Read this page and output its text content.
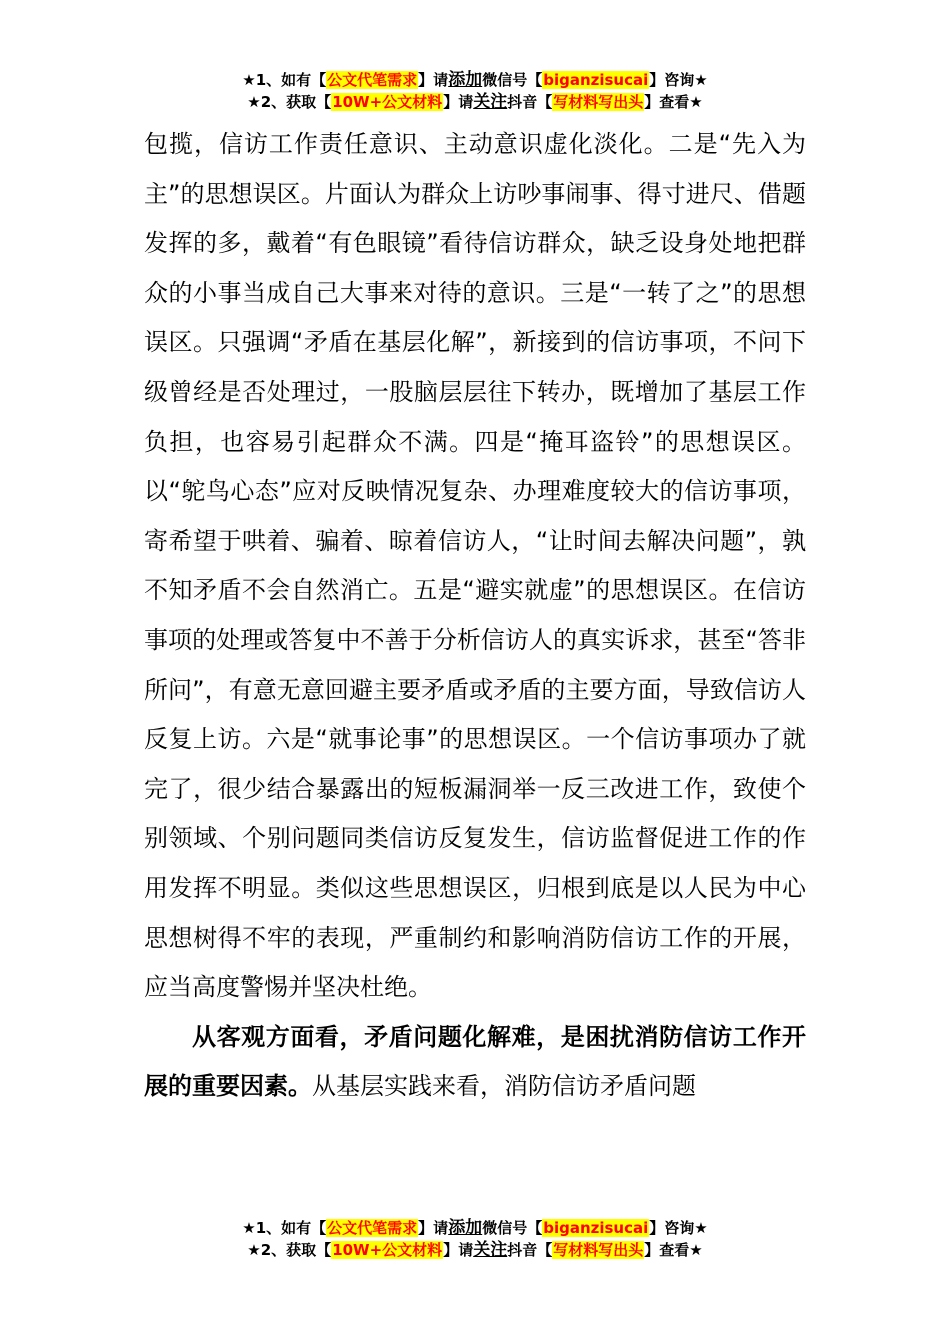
★1、如有【公文代笔需求】请添加微信号【biganzisucai】咨询★
★2、获取【10W+公文材料】请关注抖音【写材料写出头】查看★

包揽，信访工作责任意识、主动意识虚化淡化。二是“先入为主”的思想误区。片面认为群众上访吵事闹事、得寸进尺、借题发挥的多，戴着“有色眼镜”看待信访群众，缺乏设身处地把群众的小事当成自己大事来对待的意识。三是“一转了之”的思想误区。只强调“矛盾在基层化解”，新接到的信访事项，不问下级曾经是否处理过，一股脑层层往下转办，既增加了基层工作负担，也容易引起群众不满。四是“掩耳盗铃”的思想误区。以“鸵鸟心态”应对反映情况复杂、办理难度较大的信访事项，寄希望于哄着、骗着、晾着信访人，“让时间去解决问题”，孰不知矛盾不会自然消亡。五是“避实就虚”的思想误区。在信访事项的处理或答复中不善于分析信访人的真实诉求，甚至“答非所问”，有意无意回避主要矛盾或矛盾的主要方面，导致信访人反复上访。六是“就事论事”的思想误区。一个信访事项办了就完了，很少结合暴露出的短板漏洞举一反三改进工作，致使个别领域、个别问题同类信访反复发生，信访监督促进工作的作用发挥不明显。类似这些思想误区，归根到底是以人民为中心思想树得不牢的表现，严重制约和影响消防信访工作的开展，应当高度警惕并坚决杜绝。

从客观方面看，矛盾问题化解难，是困扰消防信访工作开展的重要因素。从基层实践来看，消防信访矛盾问题

★1、如有【公文代笔需求】请添加微信号【biganzisucai】咨询★
★2、获取【10W+公文材料】请关注抖音【写材料写出头】查看★
